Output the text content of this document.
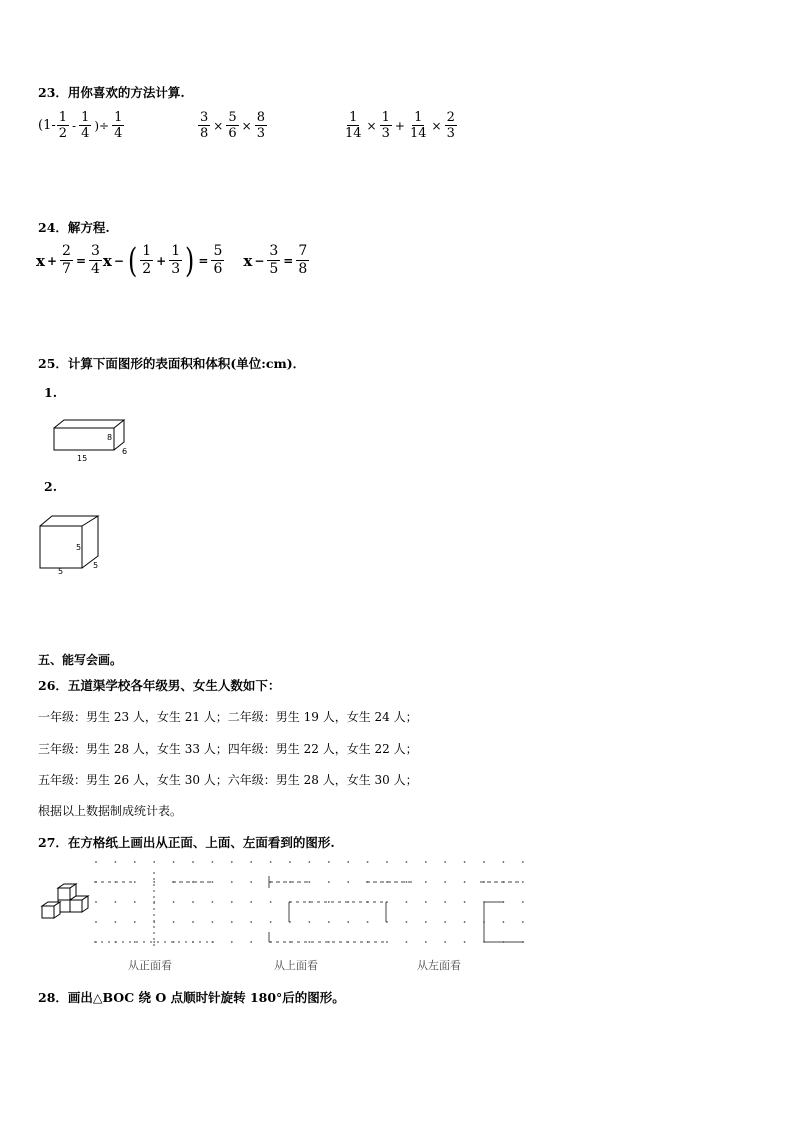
23．用你喜欢的方法计算.
($1- \frac{1}{2} - \frac{1}{4}$ )÷ $\frac{1}{4}$	$\frac{3}{8} \times \frac{5}{6} \times \frac{8}{3}$	$\frac{1}{14} \times \frac{1}{3} + \frac{1}{14} \times \frac{2}{3}$
24．解方程.
$x + \frac{2}{7} = \frac{3}{4}$ x − ( $\frac{1}{2} + \frac{1}{3}$ ) = $\frac{5}{6}$ $x - \frac{3}{5} = \frac{7}{8}$
25．计算下面图形的表面积和体积(单位:cm)．
1.
15
6
8
2.
5
5
5
五、能写会画。
26．五道渠学校各年级男、女生人数如下：
一年级：男生 23 人，女生 21 人；二年级：男生 19 人，女生 24 人；
三年级：男生 28 人，女生 33 人；四年级：男生 22 人，女生 22 人；
五年级：男生 26 人，女生 30 人；六年级：男生 28 人，女生 30 人；
根据以上数据制成统计表。
27．在方格纸上画出从正面、上面、左面看到的图形.
从正面看	从上面看	从左面看
28．画出△BOC 绕 O 点顺时针旋转 180°后的图形。
